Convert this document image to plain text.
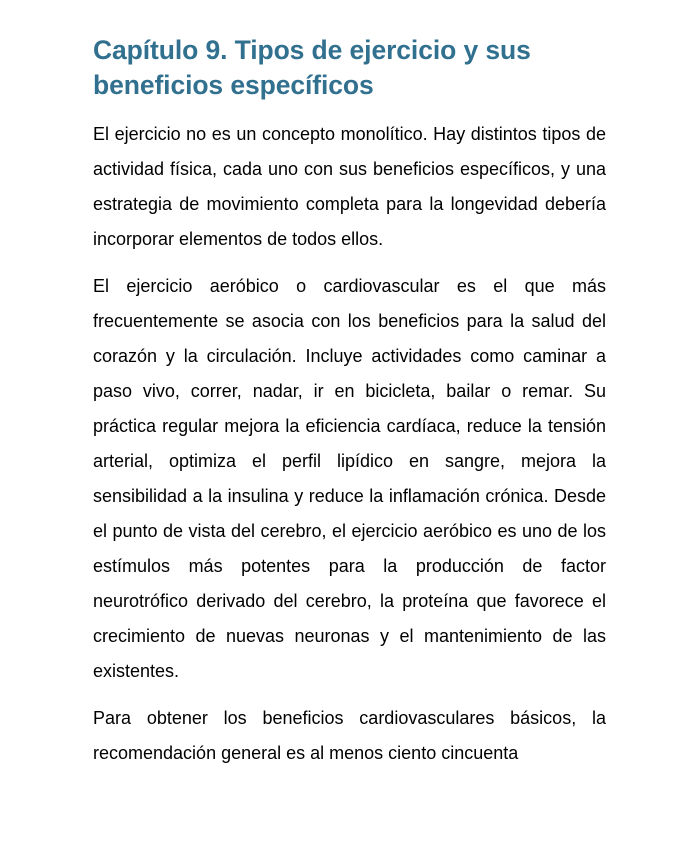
Capítulo 9. Tipos de ejercicio y sus beneficios específicos

El ejercicio no es un concepto monolítico. Hay distintos tipos de actividad física, cada uno con sus beneficios específicos, y una estrategia de movimiento completa para la longevidad debería incorporar elementos de todos ellos.

El ejercicio aeróbico o cardiovascular es el que más frecuentemente se asocia con los beneficios para la salud del corazón y la circulación. Incluye actividades como caminar a paso vivo, correr, nadar, ir en bicicleta, bailar o remar. Su práctica regular mejora la eficiencia cardíaca, reduce la tensión arterial, optimiza el perfil lipídico en sangre, mejora la sensibilidad a la insulina y reduce la inflamación crónica. Desde el punto de vista del cerebro, el ejercicio aeróbico es uno de los estímulos más potentes para la producción de factor neurotrófico derivado del cerebro, la proteína que favorece el crecimiento de nuevas neuronas y el mantenimiento de las existentes.

Para obtener los beneficios cardiovasculares básicos, la recomendación general es al menos ciento cincuenta
